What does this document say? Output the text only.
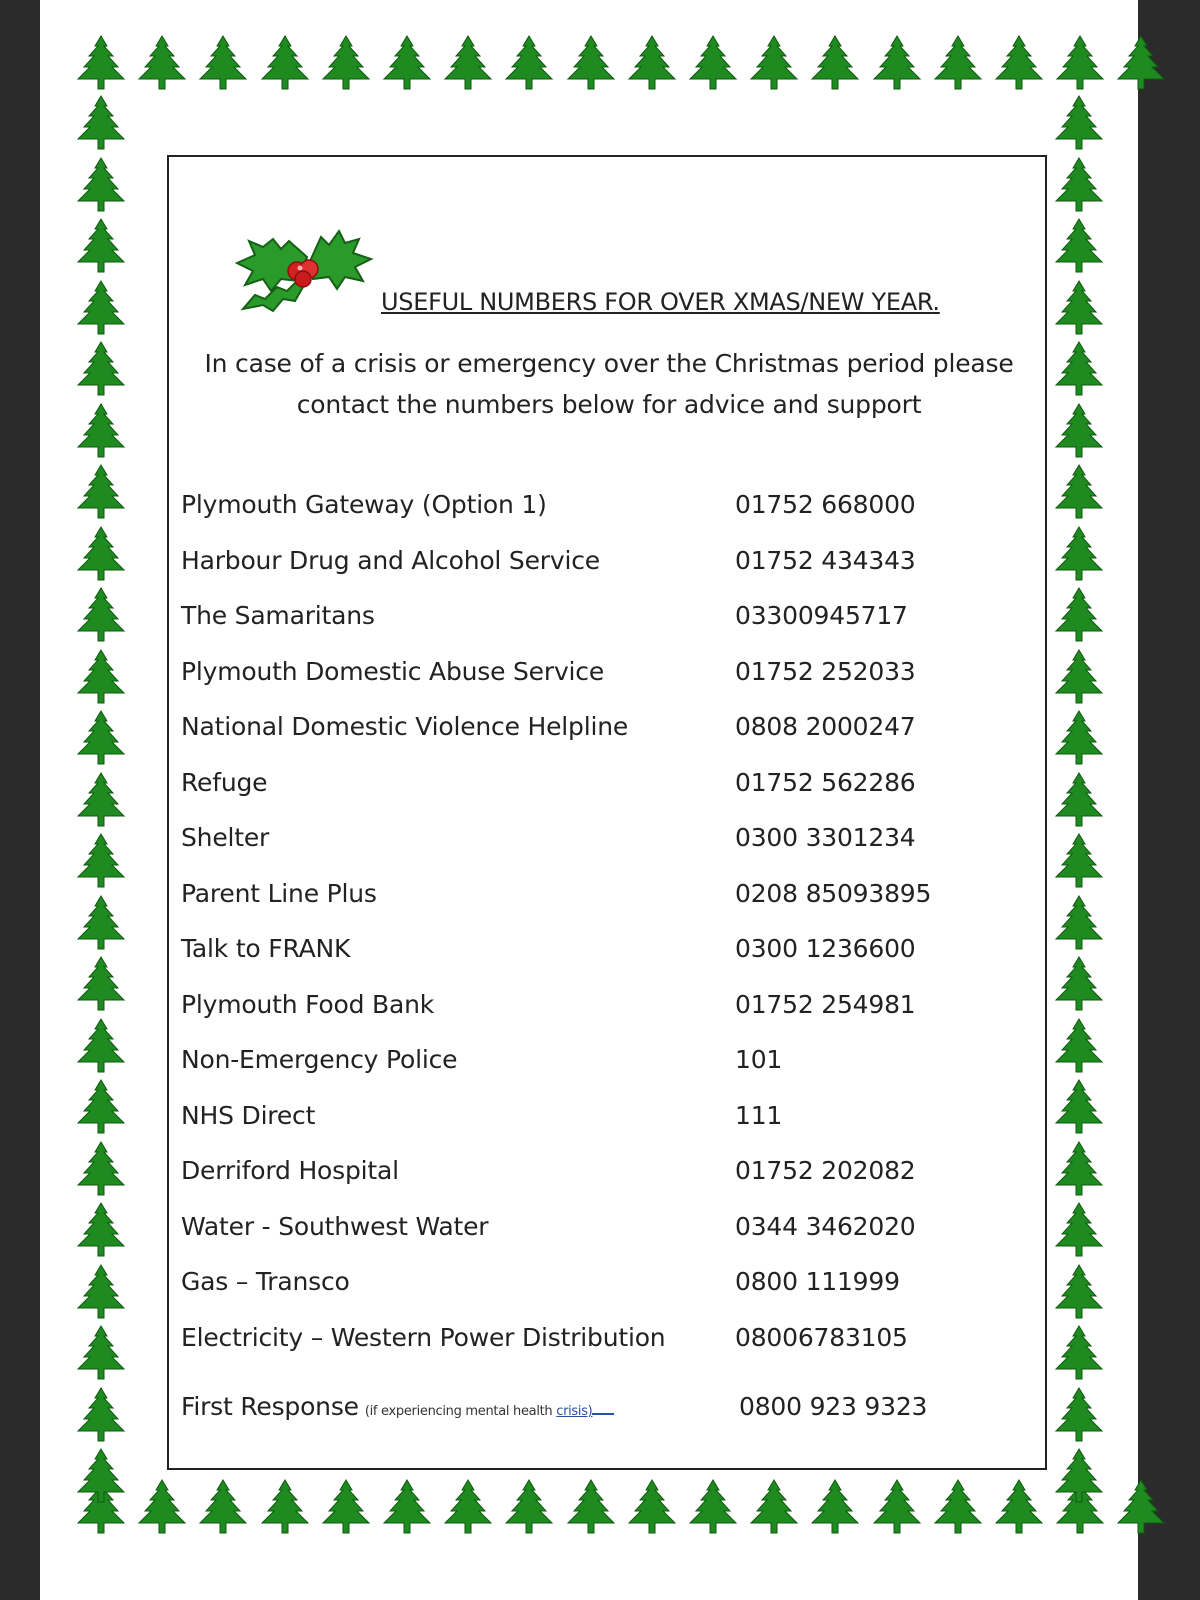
USEFUL NUMBERS FOR OVER XMAS/NEW YEAR.
In case of a crisis or emergency over the Christmas period please
contact the numbers below for advice and support
Plymouth Gateway (Option 1)	01752 668000
Harbour Drug and Alcohol Service	01752 434343
The Samaritans	03300945717
Plymouth Domestic Abuse Service	01752 252033
National Domestic Violence Helpline	0808 2000247
Refuge	01752 562286
Shelter	0300 3301234
Parent Line Plus	0208 85093895
Talk to FRANK	0300 1236600
Plymouth Food Bank	01752 254981
Non-Emergency Police	101
NHS Direct	111
Derriford Hospital	01752 202082
Water - Southwest Water	0344 3462020
Gas – Transco	0800 111999
Electricity – Western Power Distribution	08006783105
First Response (if experiencing mental health crisis)	0800 923 9323
